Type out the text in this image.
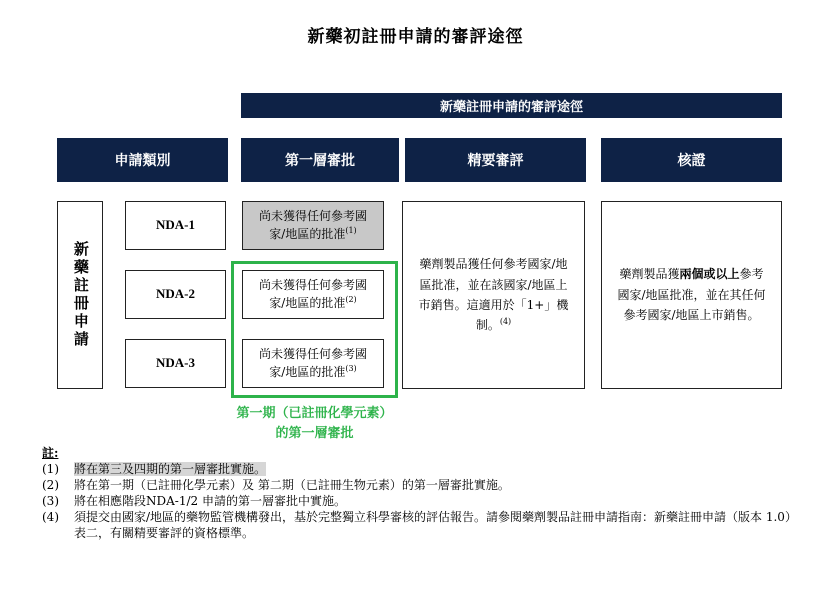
新藥初註冊申請的審評途徑
新藥註冊申請的審評途徑
申請類別	第一層審批	精要審評	核證
新藥註冊申請
NDA-1
NDA-2
NDA-3
尚未獲得任何參考國家/地區的批准$^{(1)}$
尚未獲得任何參考國家/地區的批准$^{(2)}$
尚未獲得任何參考國家/地區的批准$^{(3)}$
第一期（已註冊化學元素）
的第一層審批
藥劑製品獲任何參考國家/地區批准，並在該國家/地區上市銷售。這適用於「1+」機制。$^{(4)}$
藥劑製品獲兩個或以上參考國家/地區批准，並在其任何參考國家/地區上市銷售。
註:
(1)	將在第三及四期的第一層審批實施。
(2)	將在第一期（已註冊化學元素）及 第二期（已註冊生物元素）的第一層審批實施。
(3)	將在相應階段NDA-1/2 申請的第一層審批中實施。
(4)	須提交由國家/地區的藥物監管機構發出，基於完整獨立科學審核的評估報告。請參閱藥劑製品註冊申請指南：新藥註冊申請（版本 1.0）表二，有關精要審評的資格標準。
